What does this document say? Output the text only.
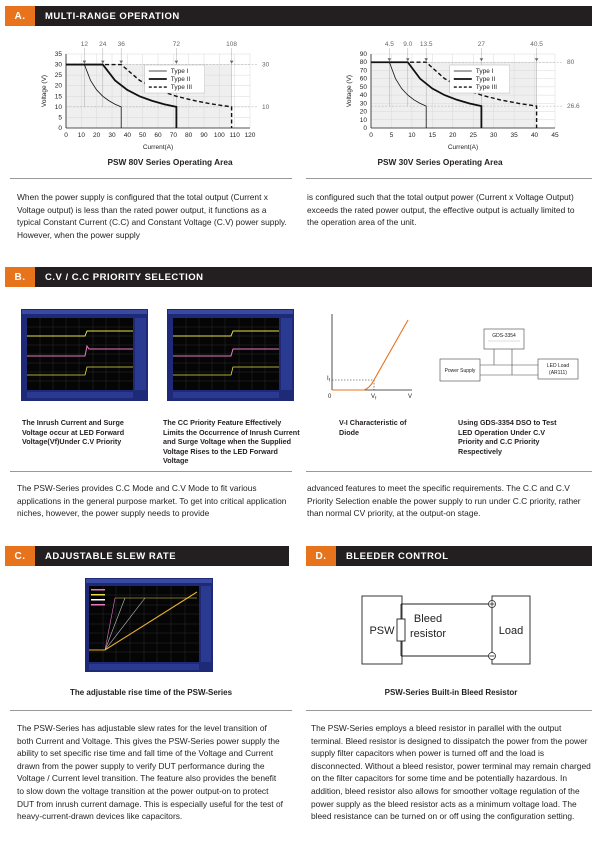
A.	MULTI-RANGE OPERATION
0 10 20 30 40 50 60 70 80 90 100 110 120
0
5
10
15
20
25
30
35
Current(A)
Voltage (V)
12 24 36	72	108
30
10
Type I
Type II
Type III
PSW 80V Series Operating Area
0	5 10 15 20 25 30 35 40 45
0
10
20
30
40
50
60
70
80
90
Current(A)
Voltage (V)
4.5 9.0 13.5	27	40.5
80
26.6
Type I
Type II
Type III
PSW 30V Series Operating Area
When the power supply is configured that the total output (Current x Voltage output) is less than the rated power output, it functions as a typical Constant Current (C.C) and Constant Voltage (C.V) power supply. However, when the power supply
is configured such that the total output power (Current x Voltage Output) exceeds the rated power output, the effective output is actually limited to the operation area of the unit.
B.	C.V / C.C PRIORITY SELECTION
$I_f$
0	$V_f$	V
GDS-3354
Power Supply
LED Load
(AR111)
The Inrush Current and Surge Voltage occur at LED Forward Voltage(Vf)Under C.V Priority
The CC Priority Feature Effectively Limits the Occurrence of Inrush Current and Surge Voltage when the Supplied Voltage Rises to the LED Forward Voltage
V-I Characteristic of Diode
Using GDS-3354 DSO to Test LED Operation Under C.V Priority and C.C Priority Respectively
The PSW-Series provides C.C Mode and C.V Mode to fit various applications in the general purpose market. To get into critical application niches, however, the power supply needs to provide
advanced features to meet the specific requirements. The C.C and C.V Priority Selection enable the power supply to run under C.C priority, rather than normal CV priority, at the output-on stage.
C.	ADJUSTABLE SLEW RATE	D.	BLEEDER CONTROL
PSW	Load
Bleed
resistor
The adjustable rise time of the PSW-Series	PSW-Series Built-in Bleed Resistor
The PSW-Series has adjustable slew rates for the level transition of both Current and Voltage. This gives the PSW-Series power supply the ability to set specific rise time and fall time of the Voltage and Current drawn from the power supply to verify DUT performance during the Voltage / Current level transition. The feature also provides the benefit to slow down the voltage transition at the power output-on to protect DUT from inrush current damage. This is especially useful for the test of heavy-current-drawn devices like capacitors.
The PSW-Series employs a bleed resistor in parallel with the output terminal. Bleed resistor is designed to dissipatch the power from the power supply filter capacitors when power is turned off and the load is disconnected. Without a bleed resistor, power terminal may remain charged on the filter capacitors for some time and be potentially hazardous. In addition, bleed resistor also allows for smoother voltage regulation of the power supply as the bleed resistor acts as a minimum voltage load. The bleed resistance can be turned on or off using the configuration setting.
